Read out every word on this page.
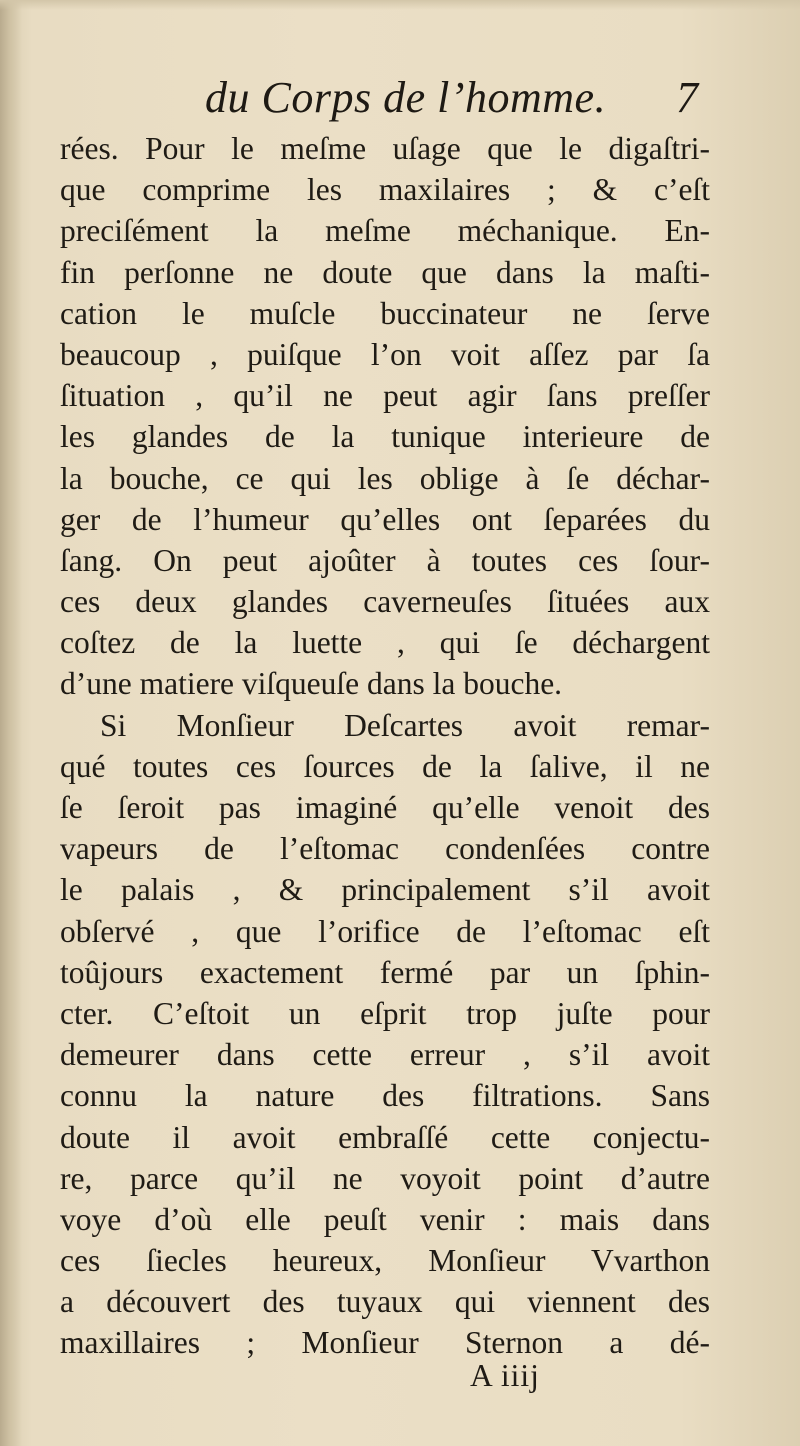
du Corps de l’homme. 7
rées. Pour le meſme uſage que le digaſtri-
que comprime les maxilaires ; & c’eſt
preciſément la meſme méchanique. En-
fin perſonne ne doute que dans la maſti-
cation le muſcle buccinateur ne ſerve
beaucoup , puiſque l’on voit aſſez par ſa
ſituation , qu’il ne peut agir ſans preſſer
les glandes de la tunique interieure de
la bouche, ce qui les oblige à ſe déchar-
ger de l’humeur qu’elles ont ſeparées du
ſang. On peut ajoûter à toutes ces ſour-
ces deux glandes caverneuſes ſituées aux
coſtez de la luette , qui ſe déchargent
d’une matiere viſqueuſe dans la bouche.
Si Monſieur Deſcartes avoit remar-
qué toutes ces ſources de la ſalive, il ne
ſe ſeroit pas imaginé qu’elle venoit des
vapeurs de l’eſtomac condenſées contre
le palais , & principalement s’il avoit
obſervé , que l’orifice de l’eſtomac eſt
toûjours exactement fermé par un ſphin-
cter. C’eſtoit un eſprit trop juſte pour
demeurer dans cette erreur , s’il avoit
connu la nature des filtrations. Sans
doute il avoit embraſſé cette conjectu-
re, parce qu’il ne voyoit point d’autre
voye d’où elle peuſt venir : mais dans
ces ſiecles heureux, Monſieur Vvarthon
a découvert des tuyaux qui viennent des
maxillaires ; Monſieur Sternon a dé-
A iiij
